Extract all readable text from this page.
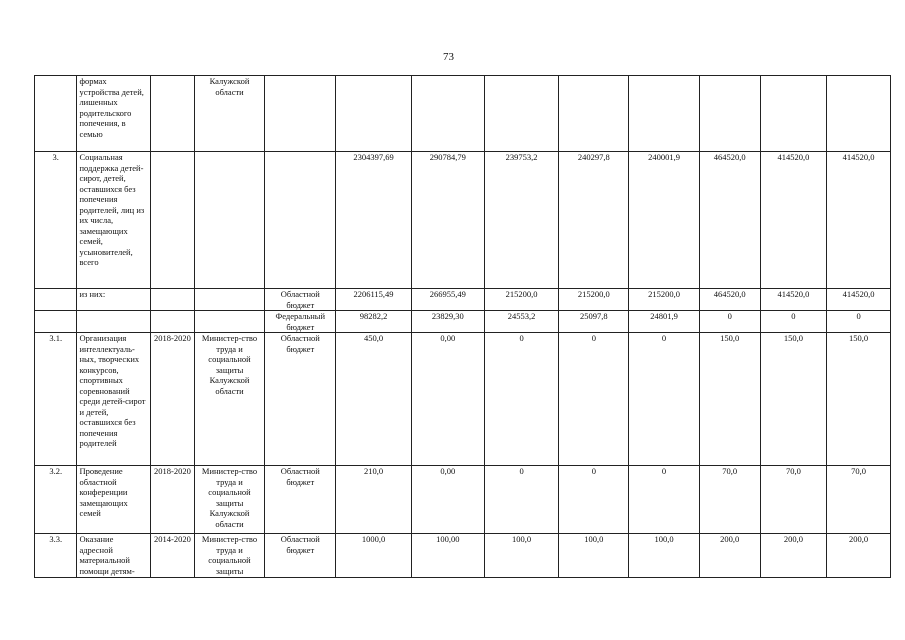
73
	формах устройства детей, лишенных родительского попечения, в семью		Калужской области									
3.	Социальная поддержка детей-сирот, детей, оставшихся без попечения родителей, лиц из их числа, замещающих семей, усыновителей, всего				2304397,69	290784,79	239753,2	240297,8	240001,9	464520,0	414520,0	414520,0
	из них:			Областной бюджет	2206115,49	266955,49	215200,0	215200,0	215200,0	464520,0	414520,0	414520,0
				Федеральный бюджет	98282,2	23829,30	24553,2	25097,8	24801,9	0	0	0
3.1.	Организация интеллектуаль-ных, творческих конкурсов, спортивных соревнований среди детей-сирот и детей, оставшихся без попечения родителей	2018-2020	Министер-ство труда и социальной защиты Калужской области	Областной бюджет	450,0	0,00	0	0	0	150,0	150,0	150,0
3.2.	Проведение областной конференции замещающих семей	2018-2020	Министер-ство труда и социальной защиты Калужской области	Областной бюджет	210,0	0,00	0	0	0	70,0	70,0	70,0
3.3.	Оказание адресной материальной помощи детям-	2014-2020	Министер-ство труда и социальной защиты	Областной бюджет	1000,0	100,00	100,0	100,0	100,0	200,0	200,0	200,0
